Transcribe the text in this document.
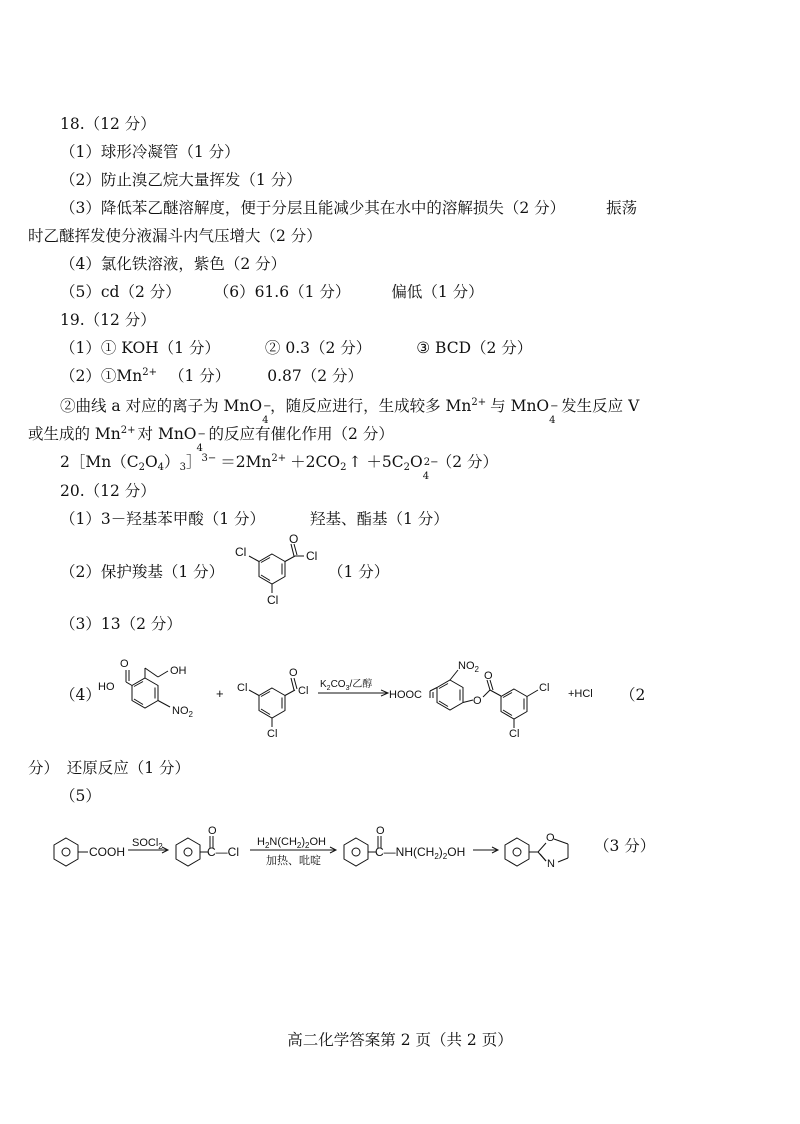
18.（12 分）
（1）球形冷凝管（1 分）
（2）防止溴乙烷大量挥发（1 分）
（3）降低苯乙醚溶解度，便于分层且能减少其在水中的溶解损失（2 分）	振荡
时乙醚挥发使分液漏斗内气压增大（2 分）
（4）氯化铁溶液，紫色（2 分）
（5）cd（2 分） （6）61.6（1 分）	偏低（1 分）
19.（12 分）
（1）① KOH（1 分）	② 0.3（2 分）	③ BCD（2 分）
$(2)①Mn^{2+}$ （1 分） 0.87（2 分）
②曲线 a 对应的离子为 MnO −
4
，随反应进行，生成较多 $Mn^{2+}$ 与 MnO −
4
发生反应 V
或生成的 $Mn^{2+}$ 对 MnO −
4
的反应有催化作用（2 分）
$2[Mn(C_2O_4)_3]^{3-} =2Mn^{2+} +2CO_2$ ↑ $+5C_2O$ 2−
4
（2 分）
20.（12 分）
（1）3－羟基苯甲酸（1 分）	羟基、酯基（1 分）
（2）保护羧基（1 分）
Cl
O
Cl
Cl
（1 分）
（3）13（2 分）
（4）
O
HO
OH
$NO_2$
+ Cl
O
Cl
Cl
$K_2CO_3/$乙醇
HOOC
$NO_2$
O
O
Cl
Cl
+HCl （2
分）　还原反应（1 分）
（5）
COOH
SOCl$_2$
O
C—Cl
$H_2N(CH_2)_2OH$
加热、吡啶
O
$C—NH(CH_2)_2OH$
O
N
（3 分）
高二化学答案第 2 页（共 2 页）
